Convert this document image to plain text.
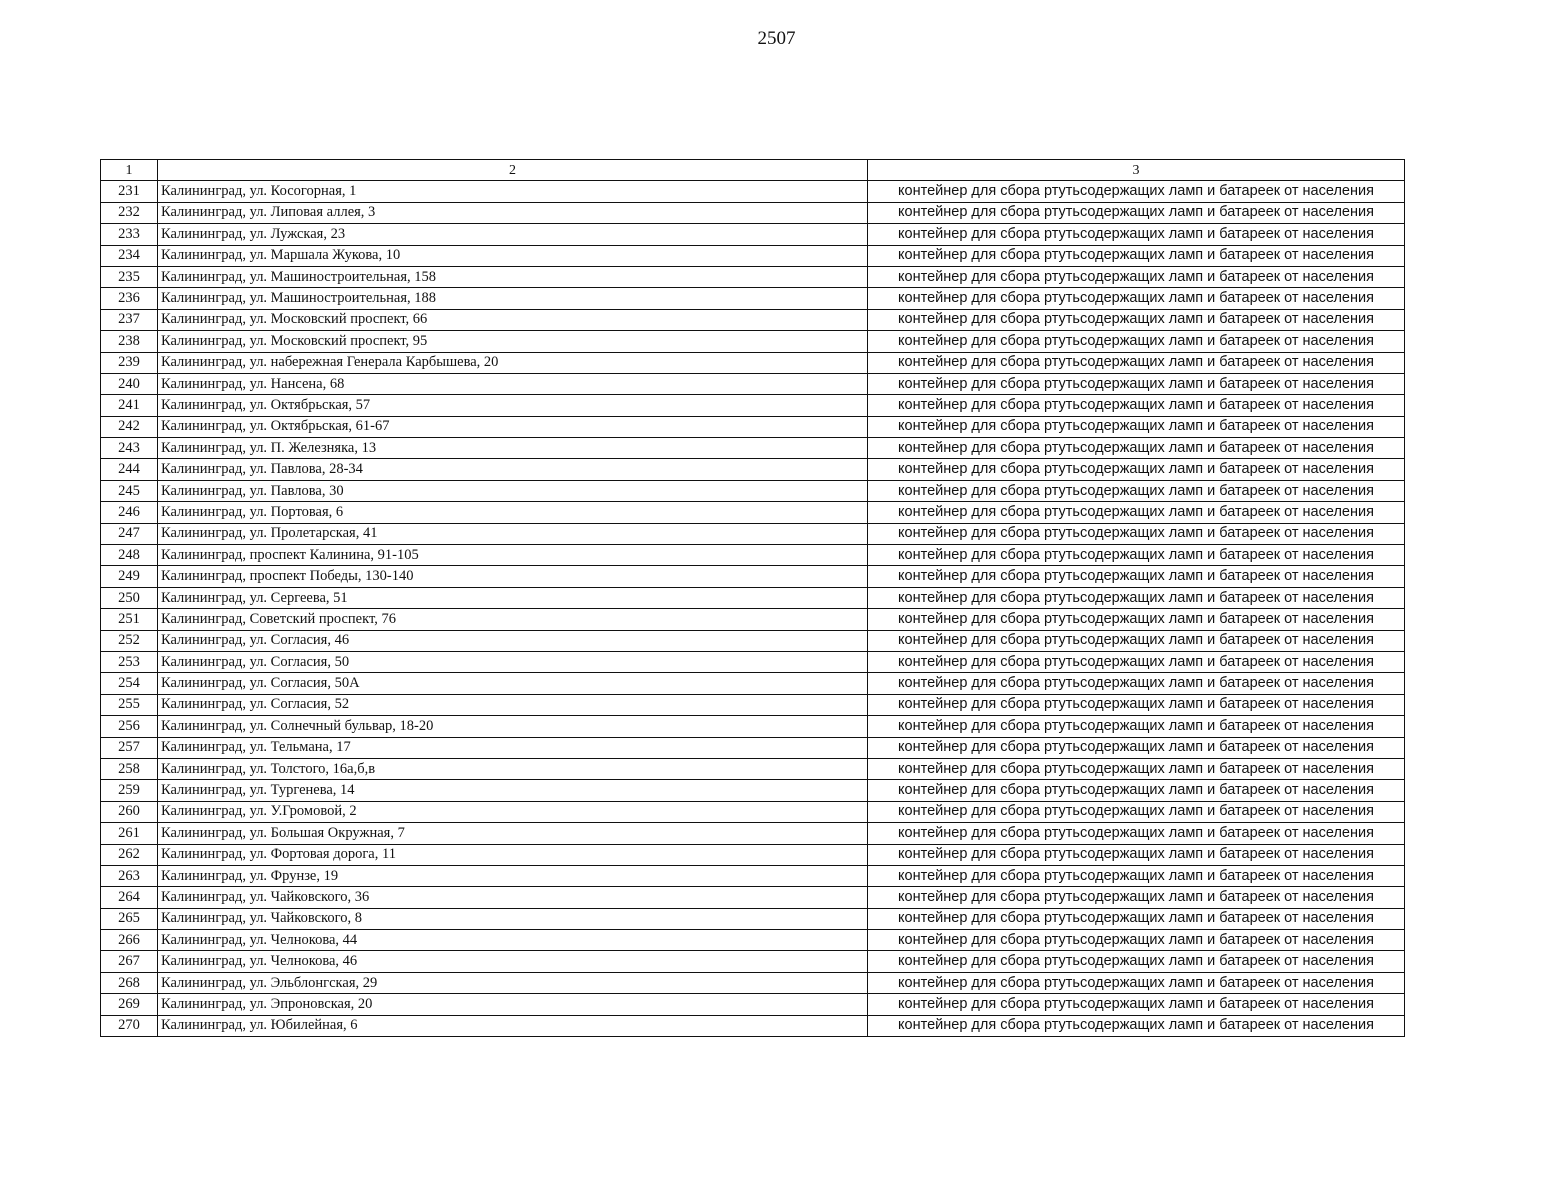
2507
1	2	3
231	Калининград, ул. Косогорная, 1	контейнер для сбора ртутьсодержащих ламп и батареек от населения
232	Калининград, ул. Липовая аллея, 3	контейнер для сбора ртутьсодержащих ламп и батареек от населения
233	Калининград, ул. Лужская, 23	контейнер для сбора ртутьсодержащих ламп и батареек от населения
234	Калининград, ул. Маршала Жукова, 10	контейнер для сбора ртутьсодержащих ламп и батареек от населения
235	Калининград, ул. Машиностроительная, 158	контейнер для сбора ртутьсодержащих ламп и батареек от населения
236	Калининград, ул. Машиностроительная, 188	контейнер для сбора ртутьсодержащих ламп и батареек от населения
237	Калининград, ул. Московский проспект, 66	контейнер для сбора ртутьсодержащих ламп и батареек от населения
238	Калининград, ул. Московский проспект, 95	контейнер для сбора ртутьсодержащих ламп и батареек от населения
239	Калининград, ул. набережная Генерала Карбышева, 20	контейнер для сбора ртутьсодержащих ламп и батареек от населения
240	Калининград, ул. Нансена, 68	контейнер для сбора ртутьсодержащих ламп и батареек от населения
241	Калининград, ул. Октябрьская, 57	контейнер для сбора ртутьсодержащих ламп и батареек от населения
242	Калининград, ул. Октябрьская, 61-67	контейнер для сбора ртутьсодержащих ламп и батареек от населения
243	Калининград, ул. П. Железняка, 13	контейнер для сбора ртутьсодержащих ламп и батареек от населения
244	Калининград, ул. Павлова, 28-34	контейнер для сбора ртутьсодержащих ламп и батареек от населения
245	Калининград, ул. Павлова, 30	контейнер для сбора ртутьсодержащих ламп и батареек от населения
246	Калининград, ул. Портовая, 6	контейнер для сбора ртутьсодержащих ламп и батареек от населения
247	Калининград, ул. Пролетарская, 41	контейнер для сбора ртутьсодержащих ламп и батареек от населения
248	Калининград, проспект Калинина, 91-105	контейнер для сбора ртутьсодержащих ламп и батареек от населения
249	Калининград, проспект Победы, 130-140	контейнер для сбора ртутьсодержащих ламп и батареек от населения
250	Калининград, ул. Сергеева, 51	контейнер для сбора ртутьсодержащих ламп и батареек от населения
251	Калининград, Советский проспект, 76	контейнер для сбора ртутьсодержащих ламп и батареек от населения
252	Калининград, ул. Согласия, 46	контейнер для сбора ртутьсодержащих ламп и батареек от населения
253	Калининград, ул. Согласия, 50	контейнер для сбора ртутьсодержащих ламп и батареек от населения
254	Калининград, ул. Согласия, 50А	контейнер для сбора ртутьсодержащих ламп и батареек от населения
255	Калининград, ул. Согласия, 52	контейнер для сбора ртутьсодержащих ламп и батареек от населения
256	Калининград, ул. Солнечный бульвар, 18-20	контейнер для сбора ртутьсодержащих ламп и батареек от населения
257	Калининград, ул. Тельмана, 17	контейнер для сбора ртутьсодержащих ламп и батареек от населения
258	Калининград, ул. Толстого, 16а,б,в	контейнер для сбора ртутьсодержащих ламп и батареек от населения
259	Калининград, ул. Тургенева, 14	контейнер для сбора ртутьсодержащих ламп и батареек от населения
260	Калининград, ул. У.Громовой, 2	контейнер для сбора ртутьсодержащих ламп и батареек от населения
261	Калининград, ул. Большая Окружная, 7	контейнер для сбора ртутьсодержащих ламп и батареек от населения
262	Калининград, ул. Фортовая дорога, 11	контейнер для сбора ртутьсодержащих ламп и батареек от населения
263	Калининград, ул. Фрунзе, 19	контейнер для сбора ртутьсодержащих ламп и батареек от населения
264	Калининград, ул. Чайковского, 36	контейнер для сбора ртутьсодержащих ламп и батареек от населения
265	Калининград, ул. Чайковского, 8	контейнер для сбора ртутьсодержащих ламп и батареек от населения
266	Калининград, ул. Челнокова, 44	контейнер для сбора ртутьсодержащих ламп и батареек от населения
267	Калининград, ул. Челнокова, 46	контейнер для сбора ртутьсодержащих ламп и батареек от населения
268	Калининград, ул. Эльблонгская, 29	контейнер для сбора ртутьсодержащих ламп и батареек от населения
269	Калининград, ул. Эпроновская, 20	контейнер для сбора ртутьсодержащих ламп и батареек от населения
270	Калининград, ул. Юбилейная, 6	контейнер для сбора ртутьсодержащих ламп и батареек от населения
